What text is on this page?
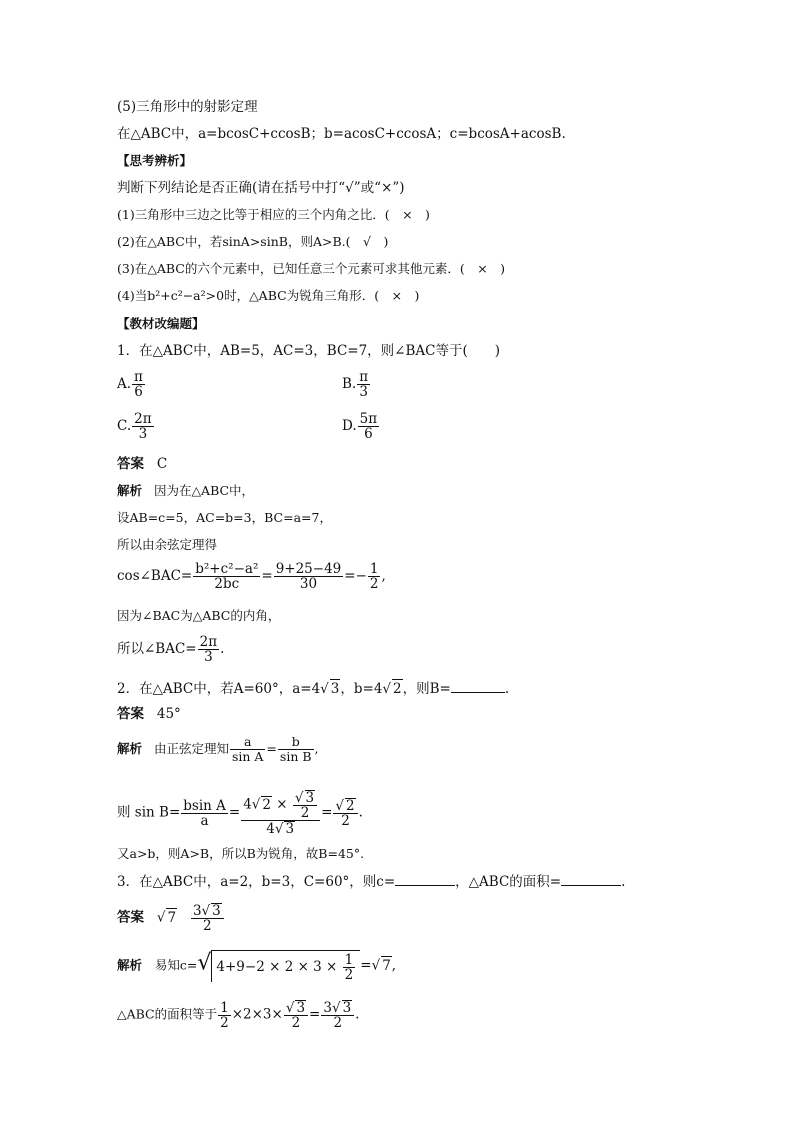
(5)三角形中的射影定理
在△ABC中，a=bcosC+ccosB；b=acosC+ccosA；c=bcosA+acosB.
【思考辨析】
判断下列结论是否正确(请在括号中打“√”或“×”)
(1)三角形中三边之比等于相应的三个内角之比．(　×　)
(2)在△ABC中，若sinA>sinB，则A>B.(　√　)
(3)在△ABC的六个元素中，已知任意三个元素可求其他元素．(　×　)
(4)当b²+c²−a²>0时，△ABC为锐角三角形．(　×　)
【教材改编题】
1．在△ABC中，AB=5，AC=3，BC=7，则∠BAC等于(　　)
A. $\frac{\pi}{6}$	B. $\frac{\pi}{3}$
C. $\frac{2\pi}{3}$	D. $\frac{5\pi}{6}$
答案 C
解析 因为在△ABC中，
设AB=c=5，AC=b=3，BC=a=7，
所以由余弦定理得
cos∠BAC= $\frac{\text{b²+c²−a²}}{2bc} = \frac{9+25-49}{30} =- \frac{1}{2}$ ,
因为∠BAC为△ABC的内角，
所以∠BAC= $\frac{2\pi}{3}$ .
2．在△ABC中，若A=60°，a=4√ 3，b=4√ 2，则B=	.
答案 45°
解析 由正弦定理知 $\frac{a}{\text{sin A}} = \frac{b}{\text{sin B}}$ ,
则 $\sin B= \frac{\text{bsin A}}{a} = \frac{4√ 2 \times \frac{√ 3}{2}}{4√ 3} = \frac{√ 2}{2}$ .
又a>b，则A>B，所以B为锐角，故B=45°.
3．在△ABC中，a=2，b=3，C=60°，则c=	，△ABC的面积=	.
答案 √ $7 \frac{3√ 3}{2}$
解析 易知c=√ $4+9-2 \times 2 \times 3 \times \frac{1}{2}$ =√ 7,
△ABC的面积等于 $\frac{1}{2} \times 2\times 3\times \frac{√ 3}{2} = \frac{3√ 3}{2}$ .
